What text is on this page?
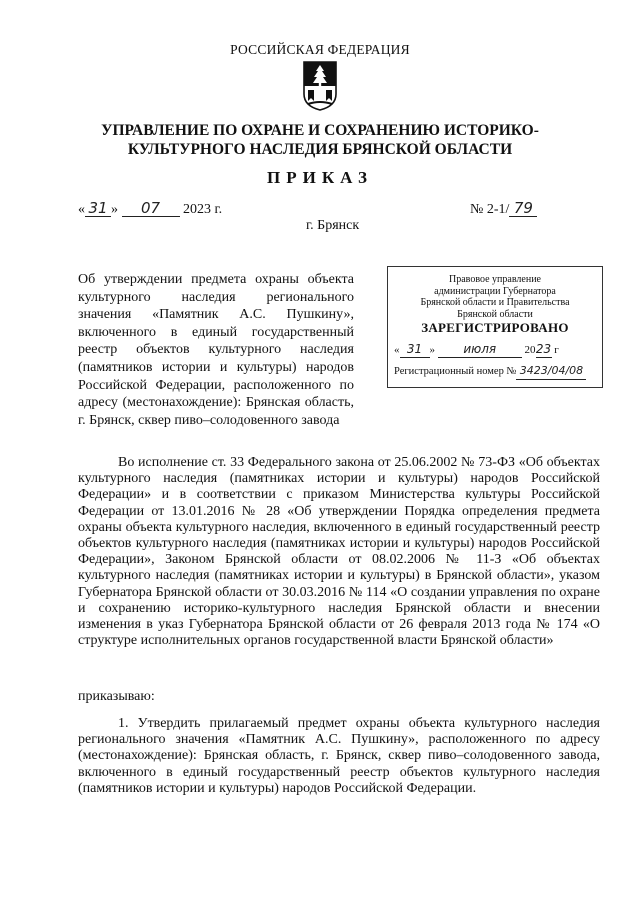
РОССИЙСКАЯ ФЕДЕРАЦИЯ
УПРАВЛЕНИЕ ПО ОХРАНЕ И СОХРАНЕНИЮ ИСТОРИКО-
КУЛЬТУРНОГО НАСЛЕДИЯ БРЯНСКОЙ ОБЛАСТИ
ПРИКАЗ
« 31 » 07 2023 г.	№ 2-1/ 79
г. Брянск
Об утверждении предмета охраны объекта культурного наследия регионального значения «Памятник А.С. Пушкину», включенного в единый государственный реестр объектов культурного наследия (памятников истории и культуры) народов Российской Федерации, расположенного по адресу (местонахождение): Брянская область, г. Брянск, сквер пиво–солодовенного завода
Правовое управление
администрации Губернатора
Брянской области и Правительства
Брянской области
ЗАРЕГИСТРИРОВАНО
« 31 » июля	2023 г
Регистрационный номер № 3423/04/08
Во исполнение ст. 33 Федерального закона от 25.06.2002 № 73-ФЗ «Об объектах культурного наследия (памятниках истории и культуры) народов Российской Федерации» и в соответствии с приказом Министерства культуры Российской Федерации от 13.01.2016 № 28 «Об утверждении Порядка определения предмета охраны объекта культурного наследия, включенного в единый государственный реестр объектов культурного наследия (памятниках истории и культуры) народов Российской Федерации», Законом Брянской области от 08.02.2006 № 11-З «Об объектах культурного наследия (памятниках истории и культуры) в Брянской области», указом Губернатора Брянской области от 30.03.2016 № 114 «О создании управления по охране и сохранению историко-культурного наследия Брянской области и внесении изменения в указ Губернатора Брянской области от 26 февраля 2013 года № 174 «О структуре исполнительных органов государственной власти Брянской области»
приказываю:
1. Утвердить прилагаемый предмет охраны объекта культурного наследия регионального значения «Памятник А.С. Пушкину», расположенного по адресу (местонахождение): Брянская область, г. Брянск, сквер пиво–солодовенного завода, включенного в единый государственный реестр объектов культурного наследия (памятников истории и культуры) народов Российской Федерации.
